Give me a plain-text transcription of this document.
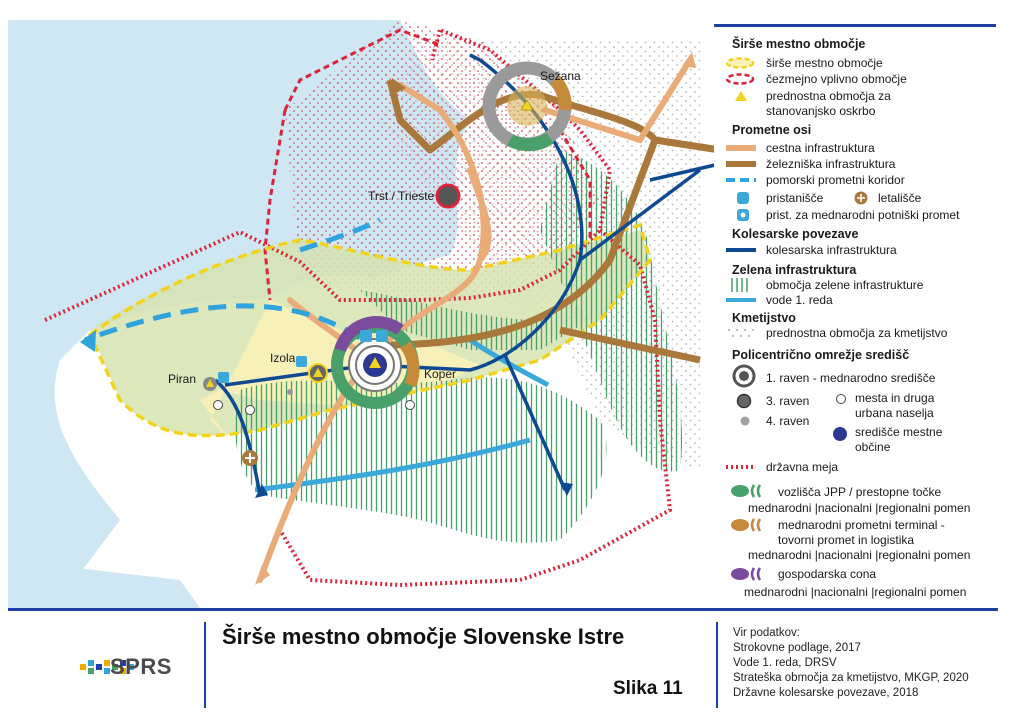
Sežana
Trst / Trieste
Koper
Izola
Piran
Širše mestno območje
širše mestno območje
čezmejno vplivno območje
prednostna območja za
stanovanjsko oskrbo
Prometne osi
cestna infrastruktura
železniška infrastruktura
pomorski prometni koridor
pristanišče	letališče
prist. za mednarodni potniški promet
Kolesarske povezave
kolesarska infrastruktura
Zelena infrastruktura
območja zelene infrastrukture
vode 1. reda
Kmetijstvo
prednostna območja za kmetijstvo
Policentrično omrežje središč
1. raven - mednarodno središče
3. raven
4. raven
mesta in druga
urbana naselja
središče mestne
občine
državna meja
vozlišča JPP / prestopne točke
mednarodni |nacionalni |regionalni pomen
mednarodni prometni terminal -
tovorni promet in logistika
mednarodni |nacionalni |regionalni pomen
gospodarska cona
mednarodni |nacionalni |regionalni pomen
SPRS
Širše mestno območje Slovenske Istre
Slika 11
Vir podatkov:
Strokovne podlage, 2017
Vode 1. reda, DRSV
Strateška območja za kmetijstvo, MKGP, 2020
Državne kolesarske povezave, 2018
